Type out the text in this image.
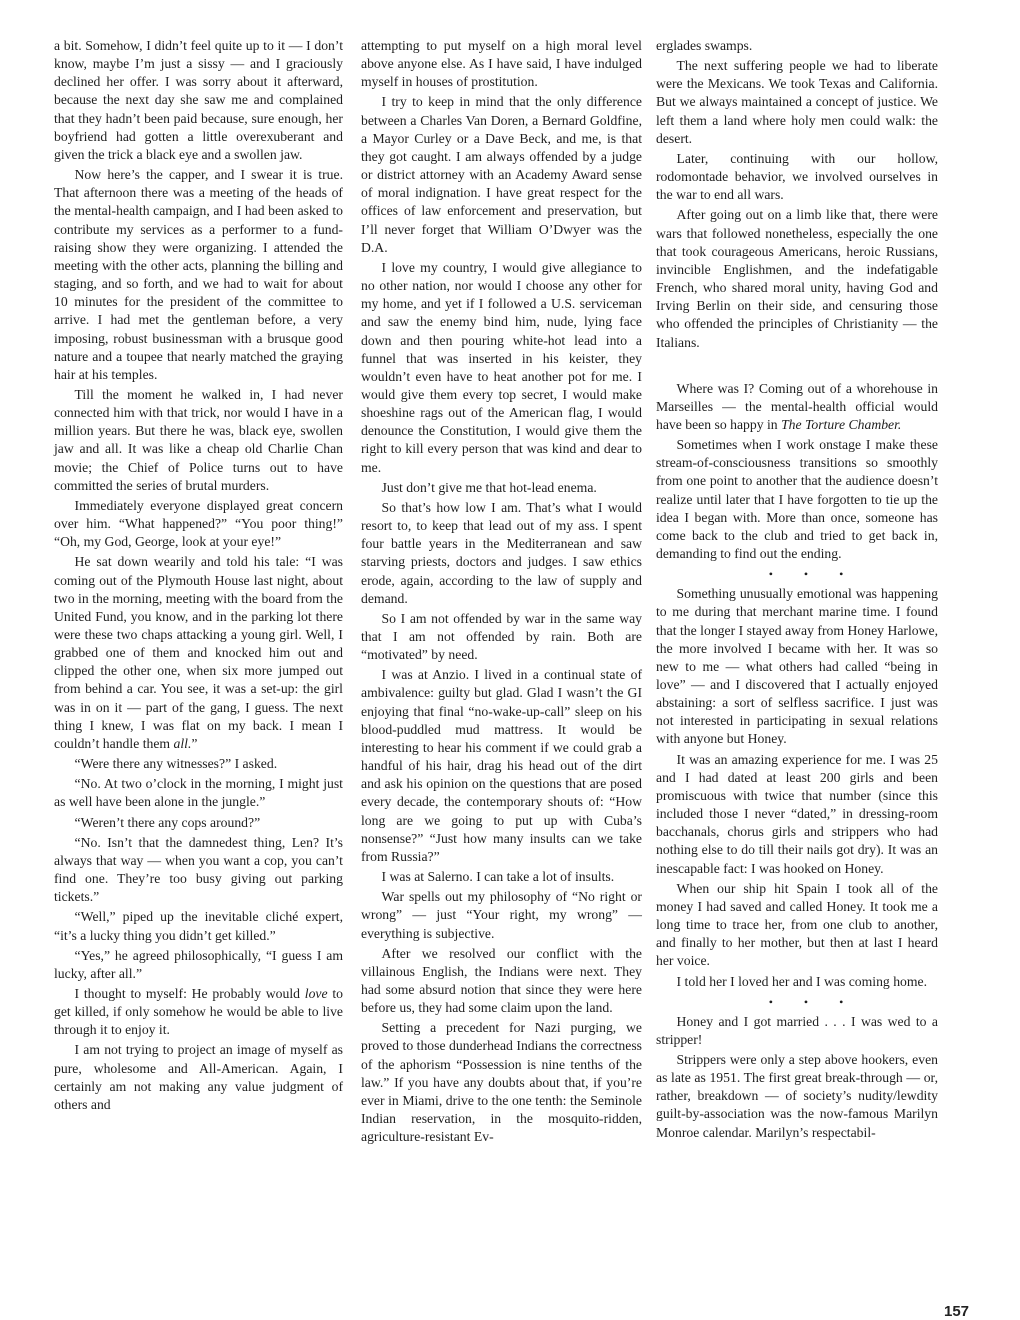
a bit. Somehow, I didn’t feel quite up to it — I don’t know, maybe I’m just a sissy — and I graciously declined her offer. I was sorry about it afterward, because the next day she saw me and complained that they hadn’t been paid because, sure enough, her boyfriend had gotten a little overexuberant and given the trick a black eye and a swollen jaw.

Now here’s the capper, and I swear it is true. That afternoon there was a meeting of the heads of the mental-health campaign, and I had been asked to contribute my services as a performer to a fund-raising show they were organizing. I attended the meeting with the other acts, planning the billing and staging, and so forth, and we had to wait for about 10 minutes for the president of the committee to arrive. I had met the gentleman before, a very imposing, robust businessman with a brusque good nature and a toupee that nearly matched the graying hair at his temples.

Till the moment he walked in, I had never connected him with that trick, nor would I have in a million years. But there he was, black eye, swollen jaw and all. It was like a cheap old Charlie Chan movie; the Chief of Police turns out to have committed the series of brutal murders.

Immediately everyone displayed great concern over him. “What happened?” “You poor thing!” “Oh, my God, George, look at your eye!”

He sat down wearily and told his tale: “I was coming out of the Plymouth House last night, about two in the morning, meeting with the board from the United Fund, you know, and in the parking lot there were these two chaps attacking a young girl. Well, I grabbed one of them and knocked him out and clipped the other one, when six more jumped out from behind a car. You see, it was a set-up: the girl was in on it — part of the gang, I guess. The next thing I knew, I was flat on my back. I mean I couldn’t handle them all.”

“Were there any witnesses?” I asked.

“No. At two o’clock in the morning, I might just as well have been alone in the jungle.”

“Weren’t there any cops around?”

“No. Isn’t that the damnedest thing, Len? It’s always that way — when you want a cop, you can’t find one. They’re too busy giving out parking tickets.”

“Well,” piped up the inevitable cliché expert, “it’s a lucky thing you didn’t get killed.”

“Yes,” he agreed philosophically, “I guess I am lucky, after all.”

I thought to myself: He probably would love to get killed, if only somehow he would be able to live through it to enjoy it.

I am not trying to project an image of myself as pure, wholesome and All-American. Again, I certainly am not making any value judgment of others and

attempting to put myself on a high moral level above anyone else. As I have said, I have indulged myself in houses of prostitution.

I try to keep in mind that the only difference between a Charles Van Doren, a Bernard Goldfine, a Mayor Curley or a Dave Beck, and me, is that they got caught. I am always offended by a judge or district attorney with an Academy Award sense of moral indignation. I have great respect for the offices of law enforcement and preservation, but I’ll never forget that William O’Dwyer was the D.A.

I love my country, I would give allegiance to no other nation, nor would I choose any other for my home, and yet if I followed a U.S. serviceman and saw the enemy bind him, nude, lying face down and then pouring white-hot lead into a funnel that was inserted in his keister, they wouldn’t even have to heat another pot for me. I would give them every top secret, I would make shoeshine rags out of the American flag, I would denounce the Constitution, I would give them the right to kill every person that was kind and dear to me.

Just don’t give me that hot-lead enema.

So that’s how low I am. That’s what I would resort to, to keep that lead out of my ass. I spent four battle years in the Mediterranean and saw starving priests, doctors and judges. I saw ethics erode, again, according to the law of supply and demand.

So I am not offended by war in the same way that I am not offended by rain. Both are “motivated” by need.

I was at Anzio. I lived in a continual state of ambivalence: guilty but glad. Glad I wasn’t the GI enjoying that final “no-wake-up-call” sleep on his blood-puddled mud mattress. It would be interesting to hear his comment if we could grab a handful of his hair, drag his head out of the dirt and ask his opinion on the questions that are posed every decade, the contemporary shouts of: “How long are we going to put up with Cuba’s nonsense?” “Just how many insults can we take from Russia?”

I was at Salerno. I can take a lot of insults.

War spells out my philosophy of “No right or wrong” — just “Your right, my wrong” — everything is subjective.

After we resolved our conflict with the villainous English, the Indians were next. They had some absurd notion that since they were here before us, they had some claim upon the land.

Setting a precedent for Nazi purging, we proved to those dunderhead Indians the correctness of the aphorism “Possession is nine tenths of the law.” If you have any doubts about that, if you’re ever in Miami, drive to the one tenth: the Seminole Indian reservation, in the mosquito-ridden, agriculture-resistant Ev-

erglades swamps.

The next suffering people we had to liberate were the Mexicans. We took Texas and California. But we always maintained a concept of justice. We left them a land where holy men could walk: the desert.

Later, continuing with our hollow, rodomontade behavior, we involved ourselves in the war to end all wars.

After going out on a limb like that, there were wars that followed nonetheless, especially the one that took courageous Americans, heroic Russians, invincible Englishmen, and the indefatigable French, who shared moral unity, having God and Irving Berlin on their side, and censuring those who offended the principles of Christianity — the Italians.

Where was I? Coming out of a whorehouse in Marseilles — the mental-health official would have been so happy in The Torture Chamber.

Sometimes when I work onstage I make these stream-of-consciousness transitions so smoothly from one point to another that the audience doesn’t realize until later that I have forgotten to tie up the idea I began with. More than once, someone has come back to the club and tried to get back in, demanding to find out the ending.

• • •

Something unusually emotional was happening to me during that merchant marine time. I found that the longer I stayed away from Honey Harlowe, the more involved I became with her. It was so new to me — what others had called “being in love” — and I discovered that I actually enjoyed abstaining: a sort of selfless sacrifice. I just was not interested in participating in sexual relations with anyone but Honey.

It was an amazing experience for me. I was 25 and I had dated at least 200 girls and been promiscuous with twice that number (since this included those I never “dated,” in dressing-room bacchanals, chorus girls and strippers who had nothing else to do till their nails got dry). It was an inescapable fact: I was hooked on Honey.

When our ship hit Spain I took all of the money I had saved and called Honey. It took me a long time to trace her, from one club to another, and finally to her mother, but then at last I heard her voice.

I told her I loved her and I was coming home.

• • •

Honey and I got married . . . I was wed to a stripper!

Strippers were only a step above hookers, even as late as 1951. The first great break-through — or, rather, breakdown — of society’s nudity/lewdity guilt-by-association was the now-famous Marilyn Monroe calendar. Marilyn’s respectabil-

157
